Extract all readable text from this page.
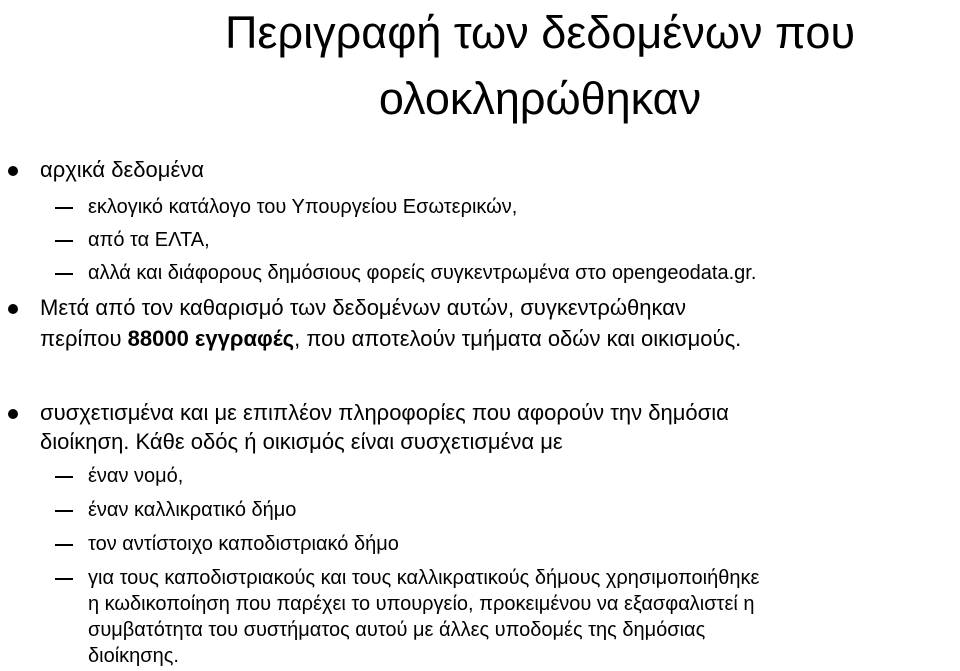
Περιγραφή των δεδομένων που
ολοκληρώθηκαν
αρχικά δεδομένα
εκλογικό κατάλογο του Υπουργείου Εσωτερικών,
από τα ΕΛΤΑ,
αλλά και διάφορους δημόσιους φορείς συγκεντρωμένα στο opengeodata.gr.
Μετά από τον καθαρισμό των δεδομένων αυτών, συγκεντρώθηκαν
περίπου 88000 εγγραφές, που αποτελούν τμήματα οδών και οικισμούς.
συσχετισμένα και με επιπλέον πληροφορίες που αφορούν την δημόσια
διοίκηση. Κάθε οδός ή οικισμός είναι συσχετισμένα με
έναν νομό,
έναν καλλικρατικό δήμο
τον αντίστοιχο καποδιστριακό δήμο
για τους καποδιστριακούς και τους καλλικρατικούς δήμους χρησιμοποιήθηκε
η κωδικοποίηση που παρέχει το υπουργείο, προκειμένου να εξασφαλιστεί η
συμβατότητα του συστήματος αυτού με άλλες υποδομές της δημόσιας
διοίκησης.
